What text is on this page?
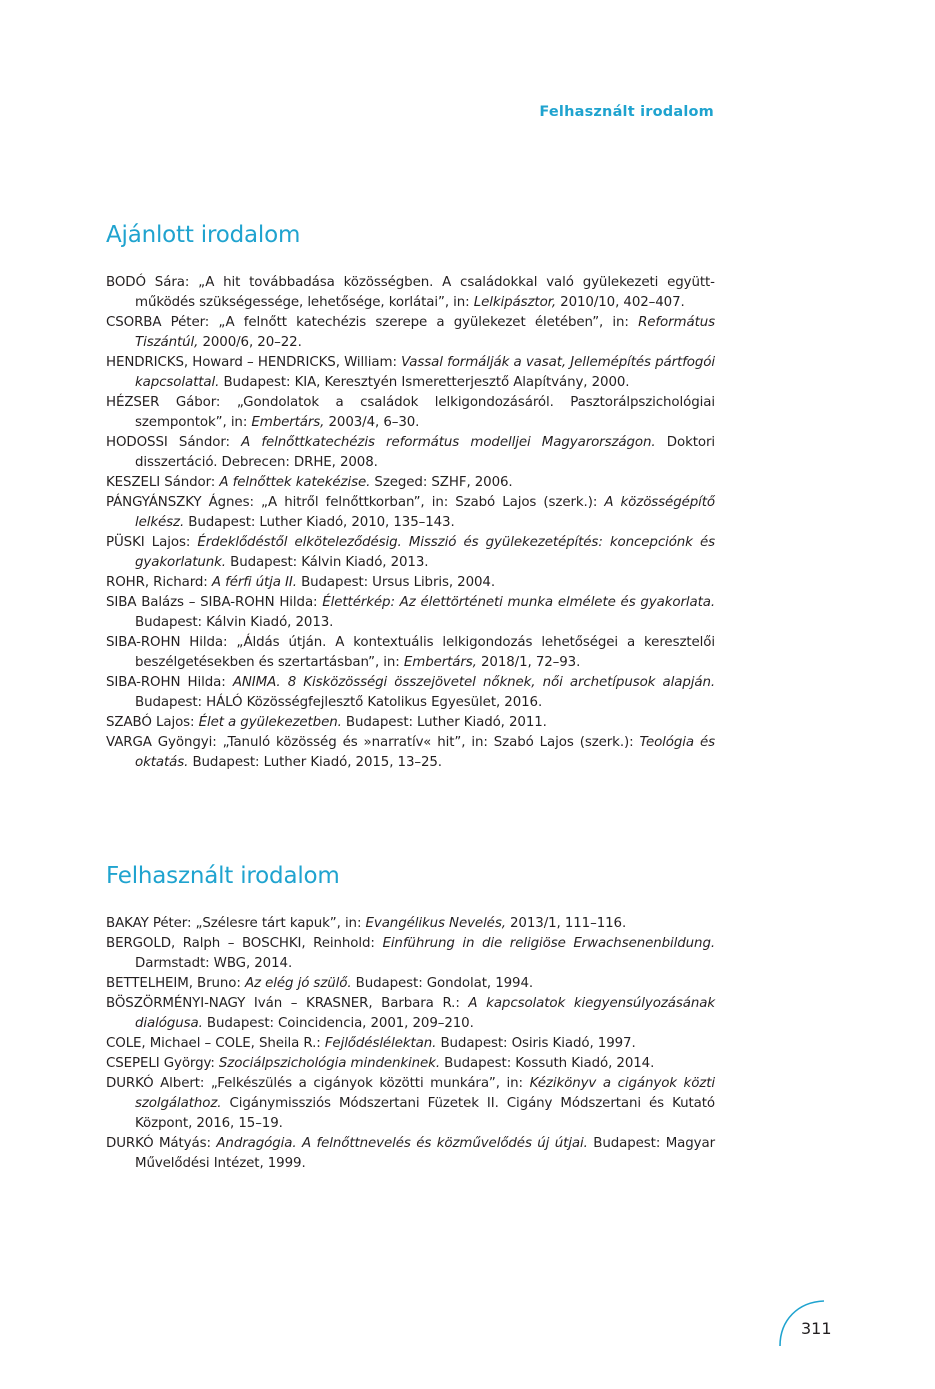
Felhasznált irodalom
Ajánlott irodalom
BODÓ Sára: „A hit továbbadása közösségben. A családokkal való gyülekezeti együttműködés szükségessége, lehetősége, korlátai”, in: Lelkipásztor, 2010/10, 402–407.
CSORBA Péter: „A felnőtt katechézis szerepe a gyülekezet életében”, in: Református Tiszántúl, 2000/6, 20–22.
HENDRICKS, Howard – HENDRICKS, William: Vassal formálják a vasat, Jellemépítés pártfogói kapcsolattal. Budapest: KIA, Keresztyén Ismeretterjesztő Alapítvány, 2000.
HÉZSER Gábor: „Gondolatok a családok lelkigondozásáról. Pasztorálpszichológiai szempontok”, in: Embertárs, 2003/4, 6–30.
HODOSSI Sándor: A felnőttkatechézis református modelljei Magyarországon. Doktori disszertáció. Debrecen: DRHE, 2008.
KESZELI Sándor: A felnőttek katekézise. Szeged: SZHF, 2006.
PÁNGYÁNSZKY Ágnes: „A hitről felnőttkorban”, in: Szabó Lajos (szerk.): A közösségépítő lelkész. Budapest: Luther Kiadó, 2010, 135–143.
PÜSKI Lajos: Érdeklődéstől elköteleződésig. Misszió és gyülekezetépítés: koncepciónk és gyakorlatunk. Budapest: Kálvin Kiadó, 2013.
ROHR, Richard: A férfi útja II. Budapest: Ursus Libris, 2004.
SIBA Balázs – SIBA-ROHN Hilda: Élettérkép: Az élettörténeti munka elmélete és gyakorlata. Budapest: Kálvin Kiadó, 2013.
SIBA-ROHN Hilda: „Áldás útján. A kontextuális lelkigondozás lehetőségei a keresztelői beszélgetésekben és szertartásban”, in: Embertárs, 2018/1, 72–93.
SIBA-ROHN Hilda: ANIMA. 8 Kisközösségi összejövetel nőknek, női archetípusok alapján. Budapest: HÁLÓ Közösségfejlesztő Katolikus Egyesület, 2016.
SZABÓ Lajos: Élet a gyülekezetben. Budapest: Luther Kiadó, 2011.
VARGA Gyöngyi: „Tanuló közösség és »narratív« hit”, in: Szabó Lajos (szerk.): Teológia és oktatás. Budapest: Luther Kiadó, 2015, 13–25.
Felhasznált irodalom
BAKAY Péter: „Szélesre tárt kapuk”, in: Evangélikus Nevelés, 2013/1, 111–116.
BERGOLD, Ralph – BOSCHKI, Reinhold: Einführung in die religiöse Erwachsenenbildung. Darmstadt: WBG, 2014.
BETTELHEIM, Bruno: Az elég jó szülő. Budapest: Gondolat, 1994.
BÖSZÖRMÉNYI-NAGY Iván – KRASNER, Barbara R.: A kapcsolatok kiegyensúlyozásának dialógusa. Budapest: Coincidencia, 2001, 209–210.
COLE, Michael – COLE, Sheila R.: Fejlődéslélektan. Budapest: Osiris Kiadó, 1997.
CSEPELI György: Szociálpszichológia mindenkinek. Budapest: Kossuth Kiadó, 2014.
DURKÓ Albert: „Felkészülés a cigányok közötti munkára”, in: Kézikönyv a cigányok közti szolgálathoz. Cigánymissziós Módszertani Füzetek II. Cigány Módszertani és Kutató Központ, 2016, 15–19.
DURKÓ Mátyás: Andragógia. A felnőttnevelés és közművelődés új útjai. Budapest: Magyar Művelődési Intézet, 1999.
311
